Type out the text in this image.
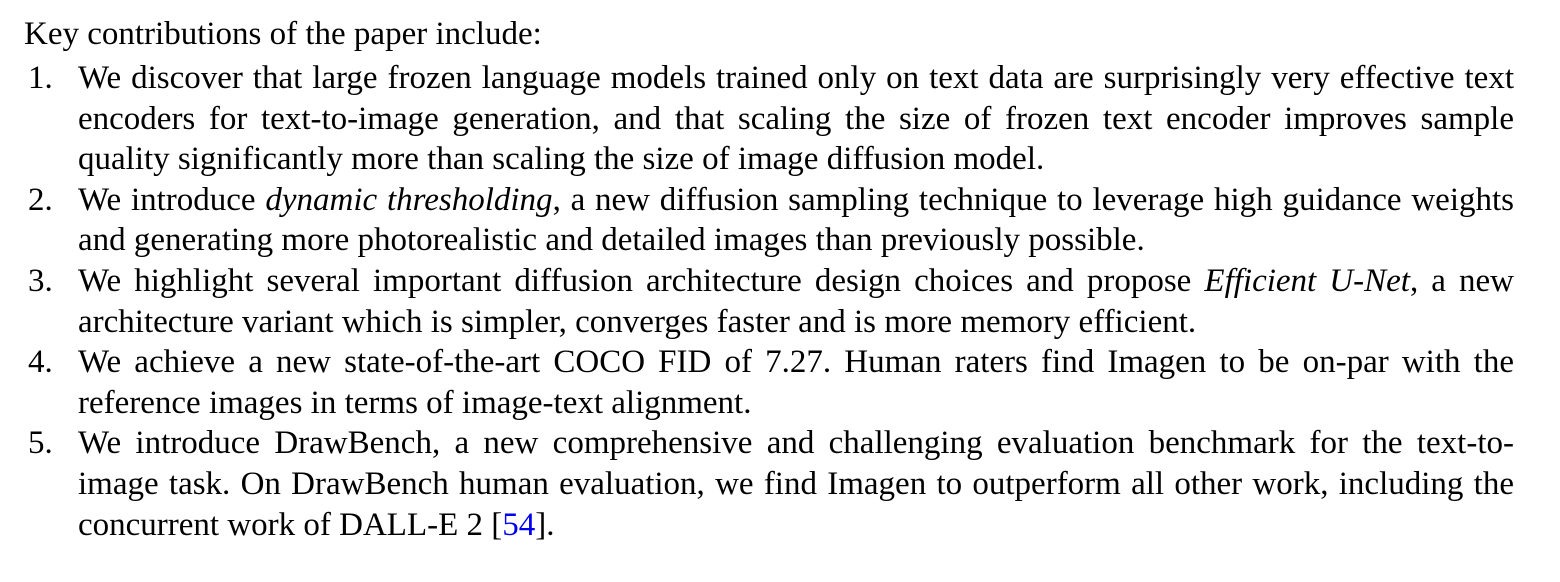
Key contributions of the paper include:

1. We discover that large frozen language models trained only on text data are surprisingly very effective text encoders for text-to-image generation, and that scaling the size of frozen text encoder improves sample quality significantly more than scaling the size of image diffusion model.
2. We introduce dynamic thresholding, a new diffusion sampling technique to leverage high guidance weights and generating more photorealistic and detailed images than previously possible.
3. We highlight several important diffusion architecture design choices and propose Efficient U-Net, a new architecture variant which is simpler, converges faster and is more memory efficient.
4. We achieve a new state-of-the-art COCO FID of 7.27. Human raters find Imagen to be on-par with the reference images in terms of image-text alignment.
5. We introduce DrawBench, a new comprehensive and challenging evaluation benchmark for the text-to-image task. On DrawBench human evaluation, we find Imagen to outperform all other work, including the concurrent work of DALL-E 2 [54].
